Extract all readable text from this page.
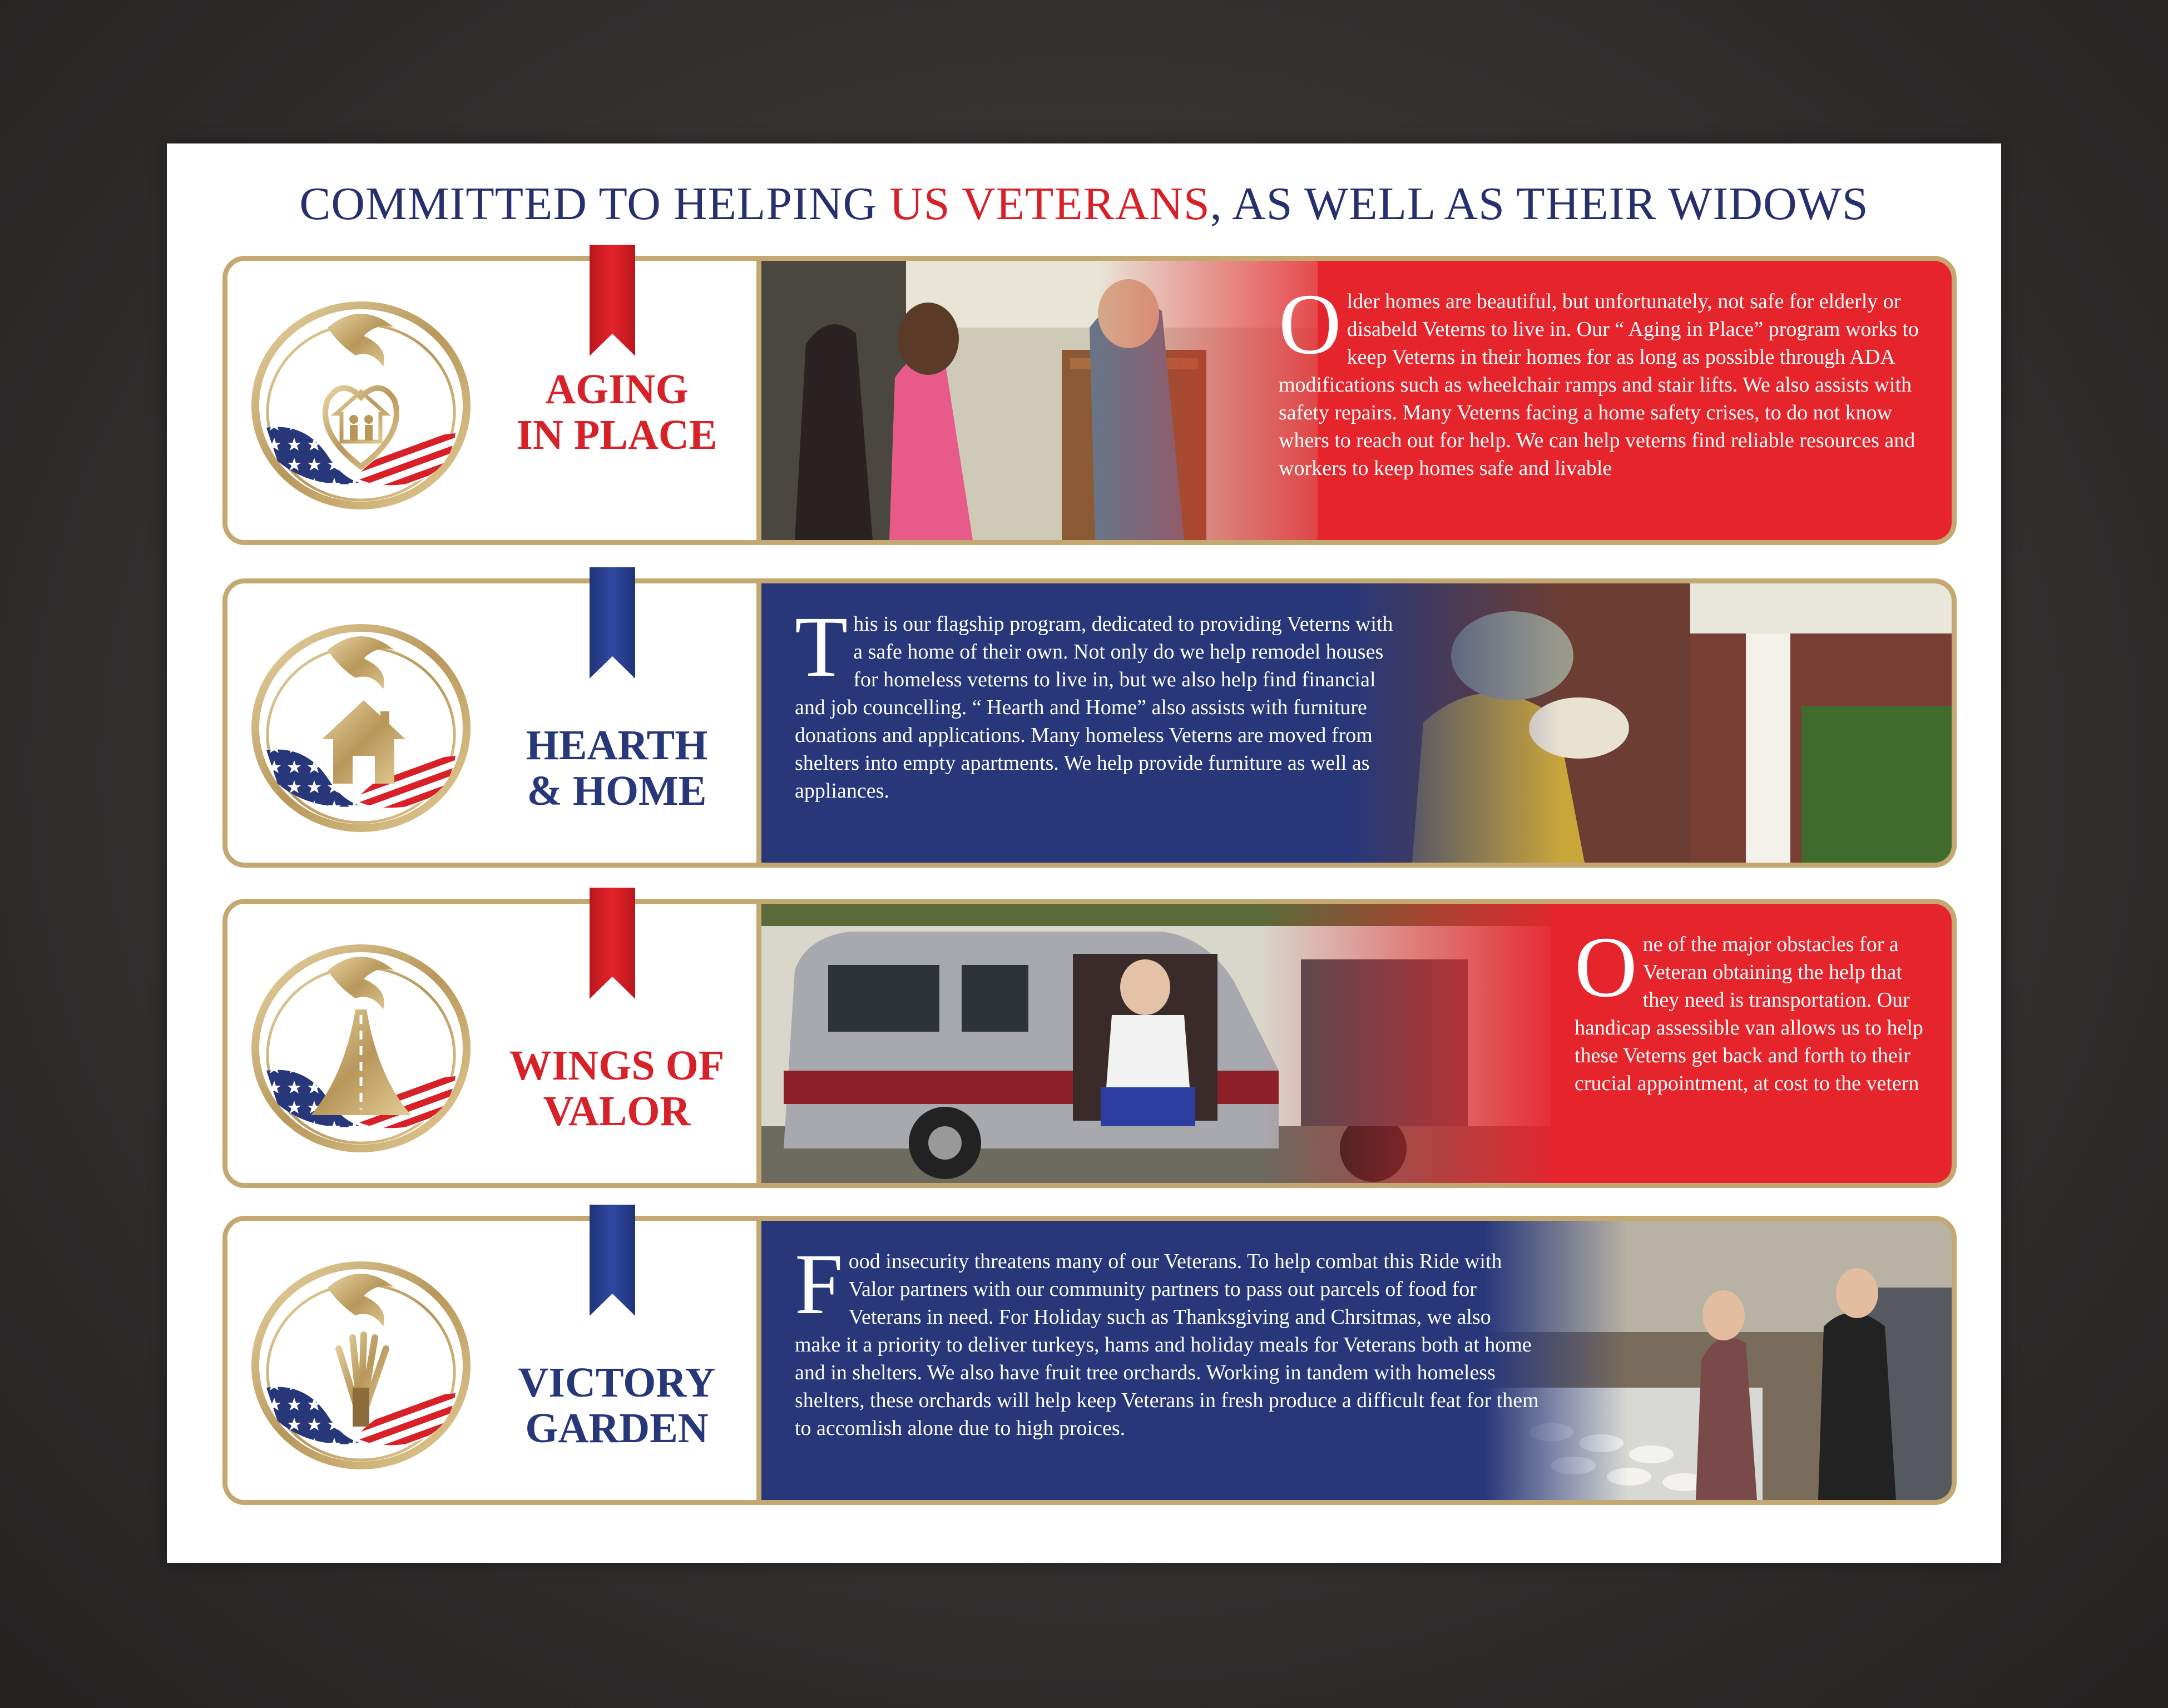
COMMITTED TO HELPING US VETERANS, AS WELL AS THEIR WIDOWS
AGING
IN PLACE
Older homes are beautiful, but unfortunately, not safe for elderly or disabeld Veterns to live in. Our “ Aging in Place” program works to keep Veterns in their homes for as long as possible through ADA modifications such as wheelchair ramps and stair lifts. We also assists with safety repairs. Many Veterns facing a home safety crises, to do not know whers to reach out for help. We can help veterns find reliable resources and workers to keep homes safe and livable
HEARTH
& HOME
This is our flagship program, dedicated to providing Veterns with a safe home of their own. Not only do we help remodel houses for homeless veterns to live in, but we also help find financial and job councelling. “ Hearth and Home” also assists with furniture donations and applications. Many homeless Veterns are moved from shelters into empty apartments. We help provide furniture as well as appliances.
WINGS OF
VALOR
One of the major obstacles for a Veteran obtaining the help that they need is transportation. Our handicap assessible van allows us to help these Veterns get back and forth to their crucial appointment, at cost to the vetern
VICTORY
GARDEN
Food insecurity threatens many of our Veterans. To help combat this Ride with Valor partners with our community partners to pass out parcels of food for Veterans in need. For Holiday such as Thanksgiving and Chrsitmas, we also make it a priority to deliver turkeys, hams and holiday meals for Veterans both at home and in shelters. We also have fruit tree orchards. Working in tandem with homeless shelters, these orchards will help keep Veterans in fresh produce a difficult feat for them to accomlish alone due to high proices.
